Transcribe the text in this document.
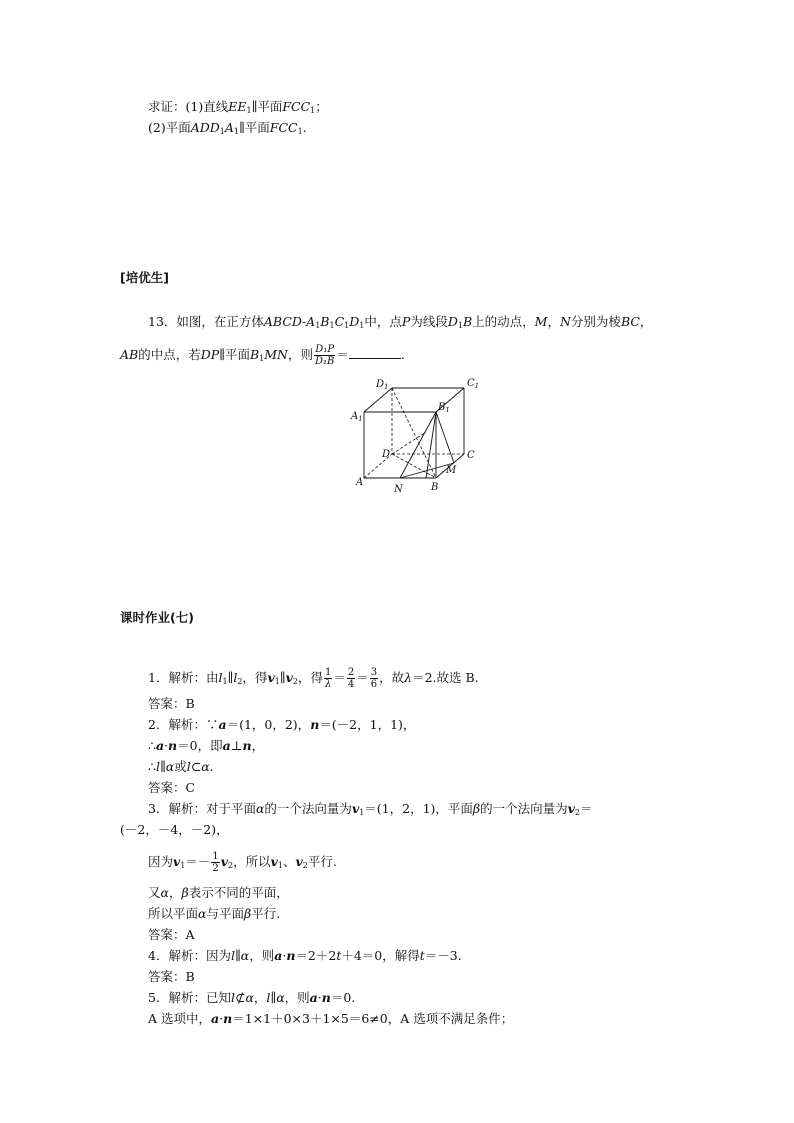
求证：(1)直线$EE_1\parallel$平面$FCC_1$；
(2)平面$ADD_1A_1\parallel$平面$FCC_1$.
[培优生]
13．如图，在正方体ABCD-$A_1B_1C_1D_1$中，点P为线段$D_1B$上的动点，M，N分别为棱BC，
AB的中点，若DP∥平面$B_1MN$，则 $\frac{\text{D₁P}}{\text{D₁B}}$ ＝	.
$D_1$	$C_1$
$A_1$
$B_1$
D	C
A	B
M
N
课时作业(七)
1．解析：由$l_1\parallel l_2$，得$v_1\parallel v_2$，得 $\frac{1}{\lambda} = \frac{2}{4} = \frac{3}{6}$ ，故λ＝2.故选 B.
答案：B
2．解析：∵a＝(1，0，2)，n＝(－2，1，1)，
∴a·n＝0，即a⊥n，
∴l∥α或l⊂α.
答案：C
3．解析：对于平面α的一个法向量为$v_1=(1$，2，1)，平面β的一个法向量为$v_2=$
(－2，－4，－2)，
因为$v_1=- \frac{1}{2} v_2$，所以$v_1$、$v_2$平行.
又α，β表示不同的平面，
所以平面α与平面β平行.
答案：A
4．解析：因为l∥α，则a·n＝2＋2t＋4＝0，解得t＝－3.
答案：B
5．解析：已知l⊄α，l∥α，则a·n＝0.
A 选项中，a·n＝1×1＋0×3＋1×5＝6≠0，A 选项不满足条件；
